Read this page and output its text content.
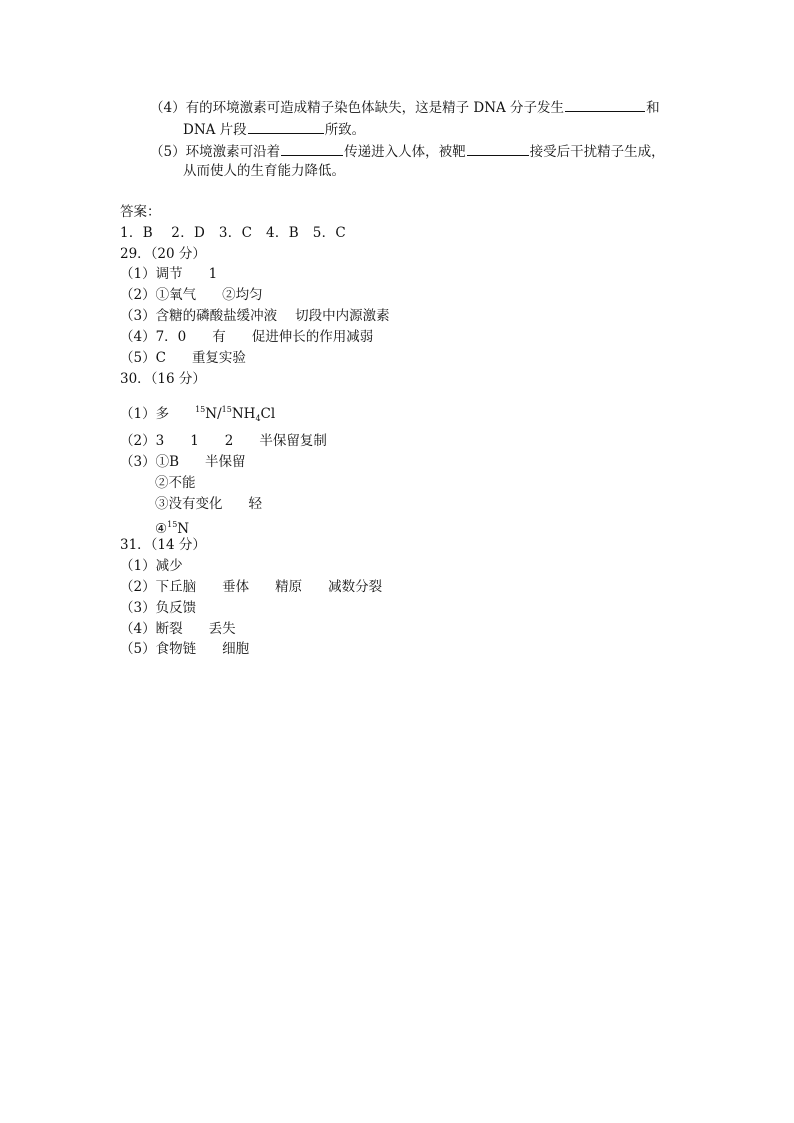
（4）有的环境激素可造成精子染色体缺失，这是精子 DNA 分子发生	和
DNA 片段	所致。
（5）环境激素可沿着	传递进入人体，被靶	接受后干扰精子生成，
从而使人的生育能力降低。
答案：
1．B　 2．D　3．C　4．B　5．C
29．（20 分）
（1）调节 1
（2）①氧气 ②均匀
（3）含糖的磷酸盐缓冲液 切段中内源激素
（4）7．0 有 促进伸长的作用减弱
（5）C 重复实验
30．（16 分）
（1）多	$^{15}N/^{15}NH_4Cl$
（2）3 1 2 半保留复制
（3）①B 半保留
②不能
③没有变化 轻
④$^{15}$N
31．（14 分）
（1）减少
（2）下丘脑 垂体 精原 减数分裂
（3）负反馈
（4）断裂 丢失
（5）食物链 细胞
